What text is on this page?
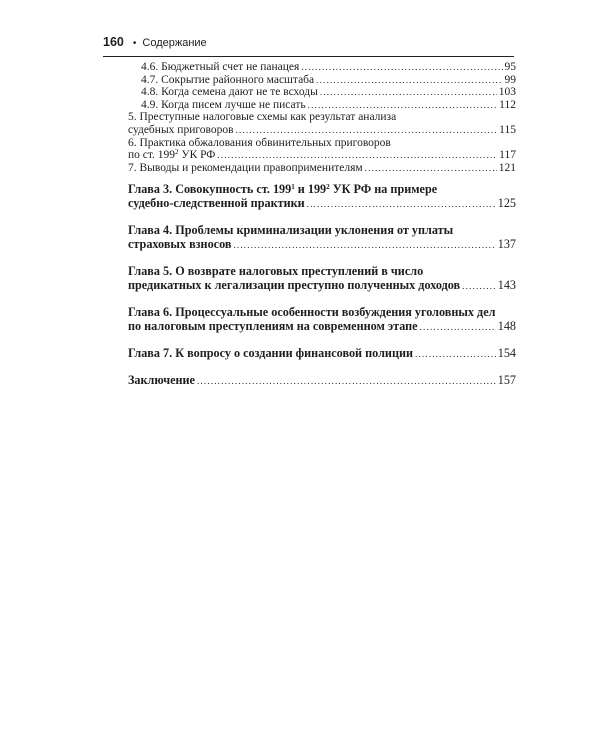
160 • Содержание
4.6. Бюджетный счет не панацея .....	95
4.7. Сокрытие районного масштаба .....	99
4.8. Когда семена дают не те всходы .....	103
4.9. Когда писем лучше не писать .....	112
5. Преступные налоговые схемы как результат анализа
судебных приговоров .....	115
6. Практика обжалования обвинительных приговоров
по ст. $199^2$ УК РФ .....	117
7. Выводы и рекомендации правоприменителям .....	121
Глава 3. Совокупность ст. $199^1$ и $199^2$ УК РФ на примере
судебно-следственной практики .....	125
Глава 4. Проблемы криминализации уклонения от уплаты
страховых взносов .....	137
Глава 5. О возврате налоговых преступлений в число
предикатных к легализации преступно полученных доходов .....	143
Глава 6. Процессуальные особенности возбуждения уголовных дел
по налоговым преступлениям на современном этапе .....	148
Глава 7. К вопросу о создании финансовой полиции .....	154
Заключение .....	157
